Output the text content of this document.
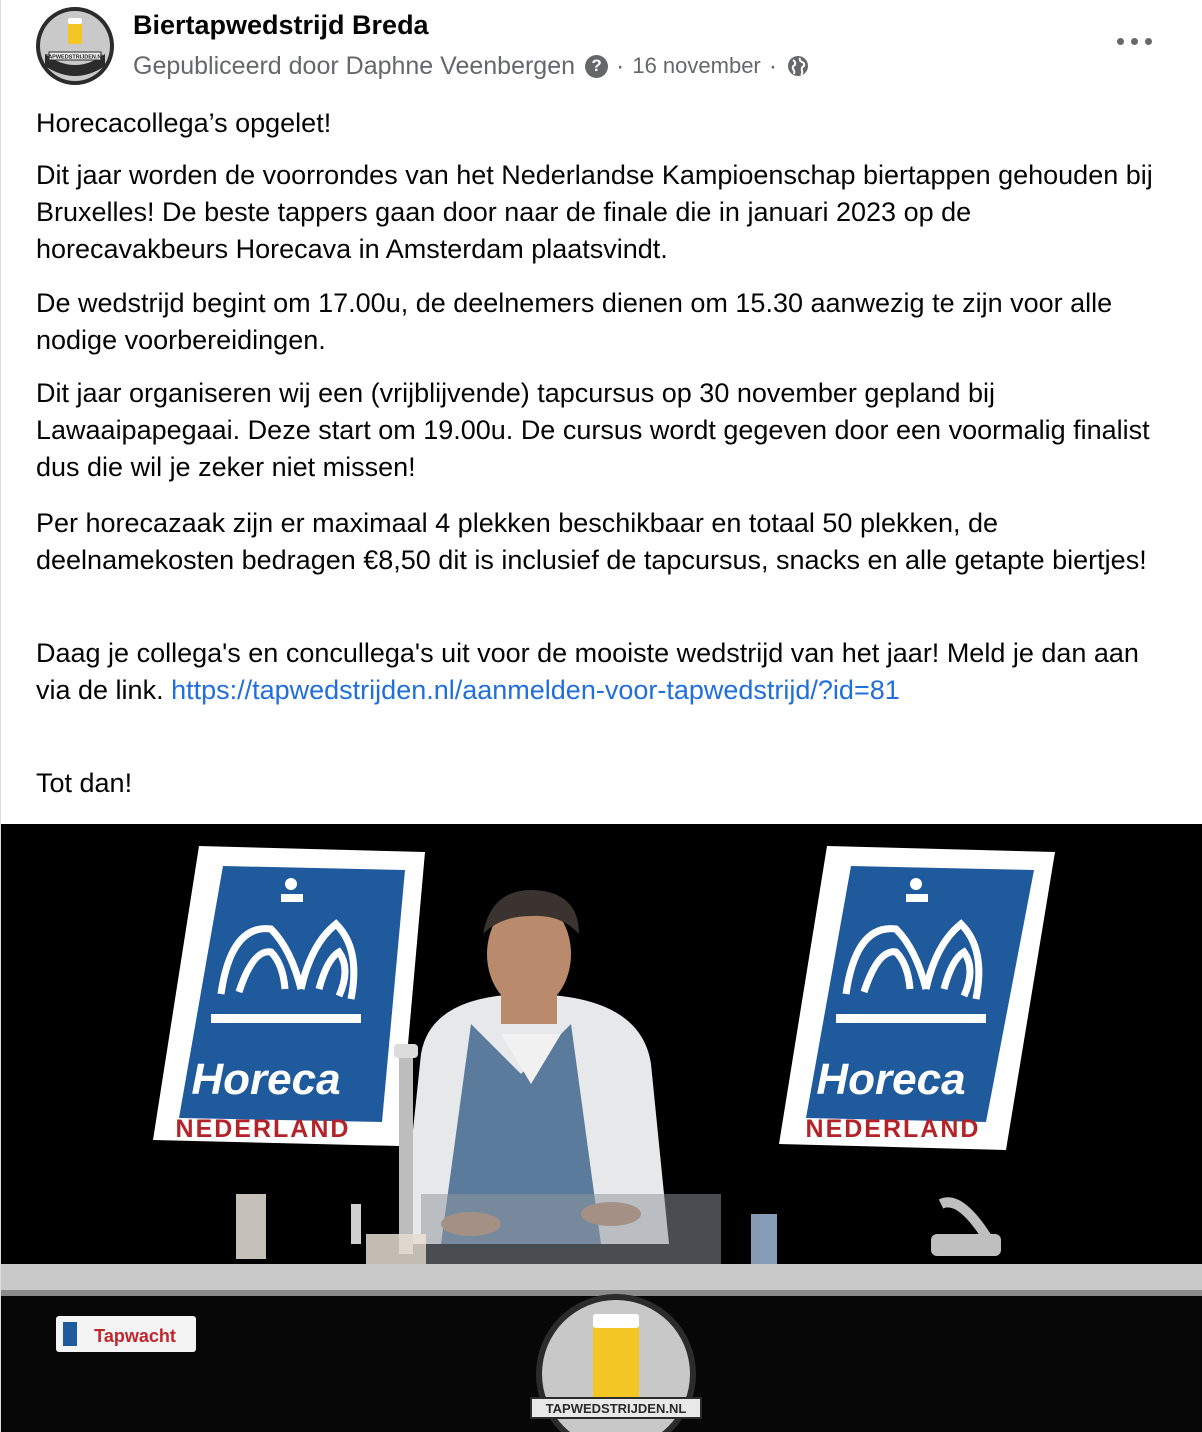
TAPWEDSTRIJDEN.NL
Biertapwedstrijd Breda
Gepubliceerd door Daphne Veenbergen ? · 16 november ·

Horecacollega’s opgelet!

Dit jaar worden de voorrondes van het Nederlandse Kampioenschap biertappen gehouden bij Bruxelles! De beste tappers gaan door naar de finale die in januari 2023 op de horecavakbeurs Horecava in Amsterdam plaatsvindt.

De wedstrijd begint om 17.00u, de deelnemers dienen om 15.30 aanwezig te zijn voor alle nodige voorbereidingen.

Dit jaar organiseren wij een (vrijblijvende) tapcursus op 30 november gepland bij Lawaaipapegaai. Deze start om 19.00u. De cursus wordt gegeven door een voormalig finalist dus die wil je zeker niet missen!

Per horecazaak zijn er maximaal 4 plekken beschikbaar en totaal 50 plekken, de deelnamekosten bedragen €8,50 dit is inclusief de tapcursus, snacks en alle getapte biertjes!

Daag je collega's en concullega's uit voor de mooiste wedstrijd van het jaar! Meld je dan aan via de link. https://tapwedstrijden.nl/aanmelden-voor-tapwedstrijd/?id=81

Tot dan!

Horeca
NEDERLAND
Horeca
NEDERLAND
Tapwacht
TAPWEDSTRIJDEN.NL
